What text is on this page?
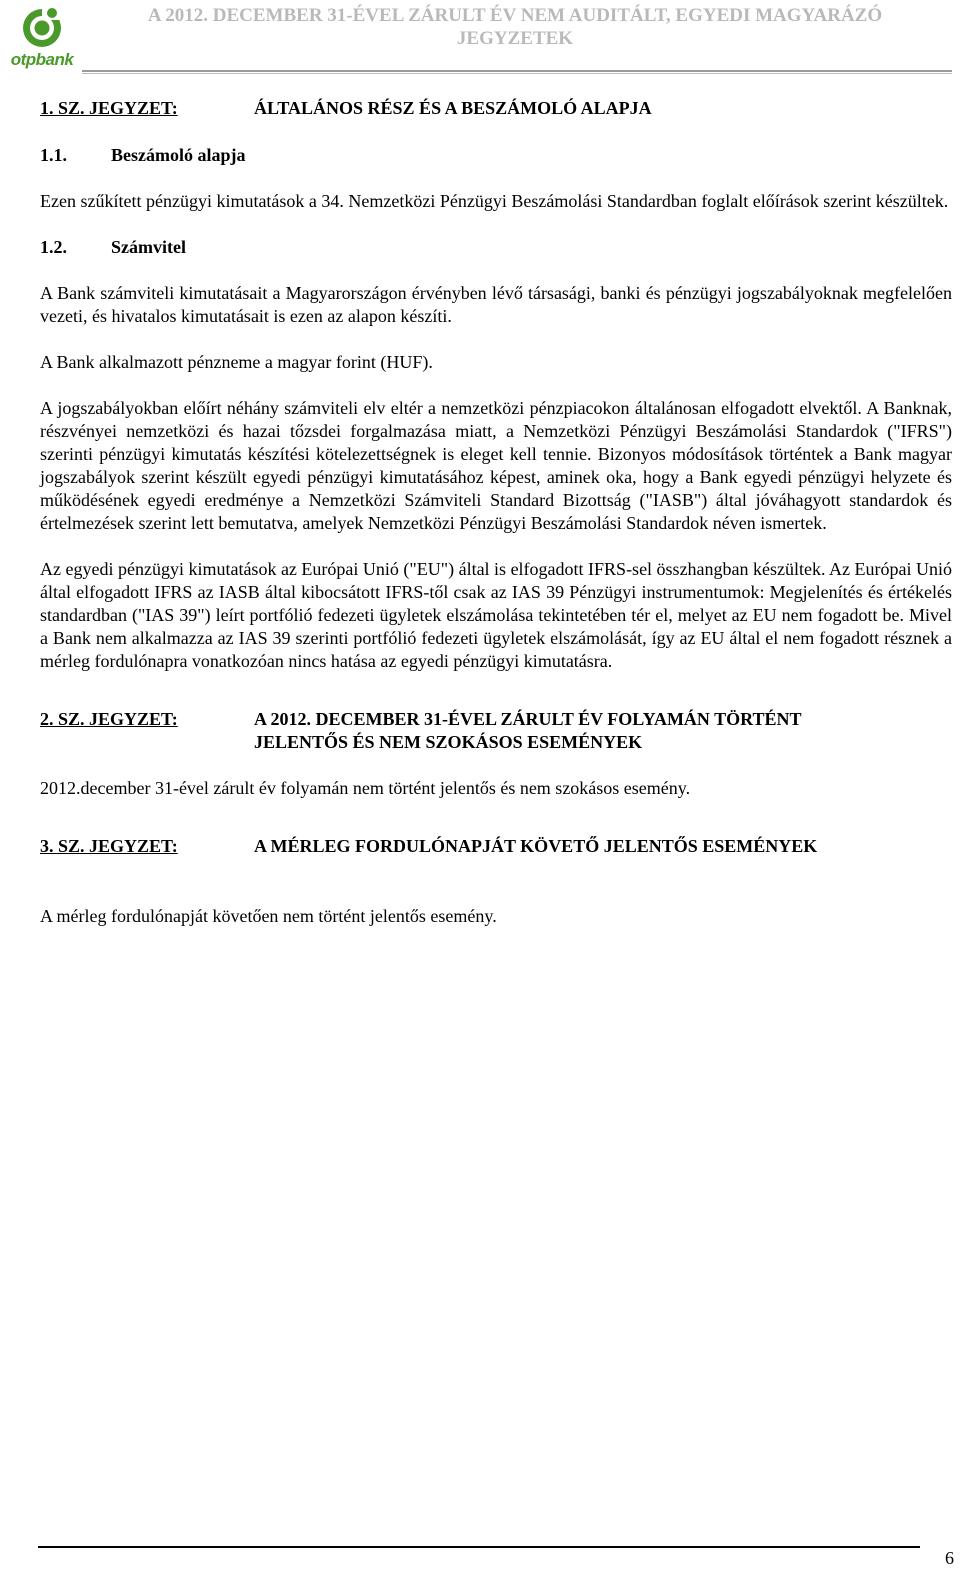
otpbank
A 2012. DECEMBER 31-ÉVEL ZÁRULT ÉV NEM AUDITÁLT, EGYEDI MAGYARÁZÓ JEGYZETEK
1. SZ. JEGYZET:	ÁLTALÁNOS RÉSZ ÉS A BESZÁMOLÓ ALAPJA
1.1.	Beszámoló alapja

Ezen szűkített pénzügyi kimutatások a 34. Nemzetközi Pénzügyi Beszámolási Standardban foglalt előírások szerint készültek.

1.2.	Számvitel

A Bank számviteli kimutatásait a Magyarországon érvényben lévő társasági, banki és pénzügyi jogszabályoknak megfelelően vezeti, és hivatalos kimutatásait is ezen az alapon készíti.

A Bank alkalmazott pénzneme a magyar forint (HUF).

A jogszabályokban előírt néhány számviteli elv eltér a nemzetközi pénzpiacokon általánosan elfogadott elvektől. A Banknak, részvényei nemzetközi és hazai tőzsdei forgalmazása miatt, a Nemzetközi Pénzügyi Beszámolási Standardok ("IFRS") szerinti pénzügyi kimutatás készítési kötelezettségnek is eleget kell tennie. Bizonyos módosítások történtek a Bank magyar jogszabályok szerint készült egyedi pénzügyi kimutatásához képest, aminek oka, hogy a Bank egyedi pénzügyi helyzete és működésének egyedi eredménye a Nemzetközi Számviteli Standard Bizottság ("IASB") által jóváhagyott standardok és értelmezések szerint lett bemutatva, amelyek Nemzetközi Pénzügyi Beszámolási Standardok néven ismertek.

Az egyedi pénzügyi kimutatások az Európai Unió ("EU") által is elfogadott IFRS-sel összhangban készültek. Az Európai Unió által elfogadott IFRS az IASB által kibocsátott IFRS-től csak az IAS 39 Pénzügyi instrumentumok: Megjelenítés és értékelés standardban ("IAS 39") leírt portfólió fedezeti ügyletek elszámolása tekintetében tér el, melyet az EU nem fogadott be. Mivel a Bank nem alkalmazza az IAS 39 szerinti portfólió fedezeti ügyletek elszámolását, így az EU által el nem fogadott résznek a mérleg fordulónapra vonatkozóan nincs hatása az egyedi pénzügyi kimutatásra.

2. SZ. JEGYZET:	A 2012. DECEMBER 31-ÉVEL ZÁRULT ÉV FOLYAMÁN TÖRTÉNT
JELENTŐS ÉS NEM SZOKÁSOS ESEMÉNYEK

2012.december 31-ével zárult év folyamán nem történt jelentős és nem szokásos esemény.

3. SZ. JEGYZET:	A MÉRLEG FORDULÓNAPJÁT KÖVETŐ JELENTŐS ESEMÉNYEK

A mérleg fordulónapját követően nem történt jelentős esemény.

6
